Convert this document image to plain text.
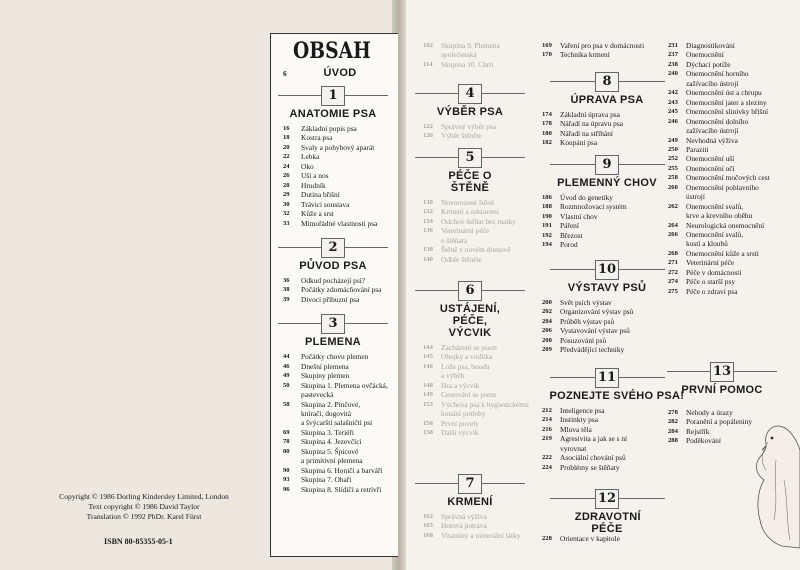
OBSAH
Copyright © 1986 Dorling Kindersley Limited, London
Text copyright © 1986 David Taylor
Translation © 1992 PhDr. Karel Fürst
ISBN 80-85355-05-1
6	ÚVOD
1
ANATOMIE PSA
16 Základní popis psa
18 Kostra psa
20 Svaly a pohybový aparát
22 Lebka
24 Oko
26 Uši a nos
28 Hrudník
29 Dutina břišní
30 Trávicí soustava
32 Kůže a srst
33 Mimořádné vlastnosti psa
2
PŮVOD PSA
36 Odkud pocházejí psi?
38 Počátky zdomácňování psa
39 Divocí příbuzní psa
3
PLEMENA
44 Počátky chovu plemen
46 Dnešní plemena
49 Skupiny plemen
50 Skupina 1. Plemena ovčácká,
pastevecká
58 Skupina 2. Pinčové,
knírači, dogovitá
a švýcarští salašničtí psi
69 Skupina 3. Teriéři
78 Skupina 4. Jezevčíci
80 Skupina 5. Špicové
a primitivní plemena
90 Skupina 6. Honiči a barváři
93 Skupina 7. Ohaři
96 Skupina 8. Slídiči a retrívři
102 Skupina 9. Plemena
společenská
114 Skupina 10. Chrti
4
VÝBĚR PSA
122 Správný výběr psa
126 Výběr štěněte
5
PÉČE O ŠTĚNĚ
130 Novorozené štěně
132 Krmení a odstavení
134 Odchov štěňat bez matky
136 Veterinární péče
o štěňata
138 Štěně v novém domově
140 Odběr štěněte
6
USTÁJENÍ, PÉČE, VÝCVIK
144 Zacházení se psem
145 Obojky a vodítka
146 Lože psa, bouda
a výběh
148 Hra a výcvik
149 Cestování se psem
153 Výchova psa k hygienickému
konání potřeby
156 První povely
158 Další výcvik
7
KRMENÍ
162 Správná výživa
165 Hotová potrava
168 Vitamíny a minerální látky
169 Vaření pro psa v domácnosti
170 Technika krmení
8
ÚPRAVA PSA
174 Základní úprava psa
178 Nářadí na úpravu psa
180 Nářadí na stříhání
182 Koupání psa
9
PLEMENNÝ CHOV
186 Úvod do genetiky
188 Rozmnožovací systém
190 Vlastní chov
191 Páření
192 Březost
194 Porod
10
VÝSTAVY PSŮ
200 Svět psích výstav
202 Organizování výstav psů
204 Průběh výstav psů
206 Vystavování výstav psů
208 Posuzování psů
209 Předvádějící techniky
11
POZNEJTE SVÉHO PSA!
212 Inteligence psa
214 Instinkty psa
216 Mluva těla
219 Agresivita a jak se s ní
vyrovnat
222 Asociální chování psů
224 Problémy se štěňaty
12
ZDRAVOTNÍ PÉČE
228 Orientace v kapitole
231 Diagnostikování
237 Onemocnění
238 Dýchací potíže
240 Onemocnění horního
zažívacího ústrojí
242 Onemocnění úst a chrupu
243 Onemocnění jater a sleziny
245 Onemocnění slinivky břišní
246 Onemocnění dolního
zažívacího ústrojí
249 Nevhodná výživa
250 Paraziti
252 Onemocnění uší
255 Onemocnění očí
258 Onemocnění močových cest
260 Onemocnění pohlavního
ústrojí
262 Onemocnění svalů,
krve a krevního oběhu
264 Neurologická onemocnění
266 Onemocnění svalů,
kostí a kloubů
268 Onemocnění kůže a srsti
271 Veterinární péče
272 Péče v domácnosti
274 Péče o starší psy
275 Péče o zdraví psa
13
PRVNÍ POMOC
278 Nehody a úrazy
282 Poranění a popáleniny
284 Rejstřík
288 Poděkování
